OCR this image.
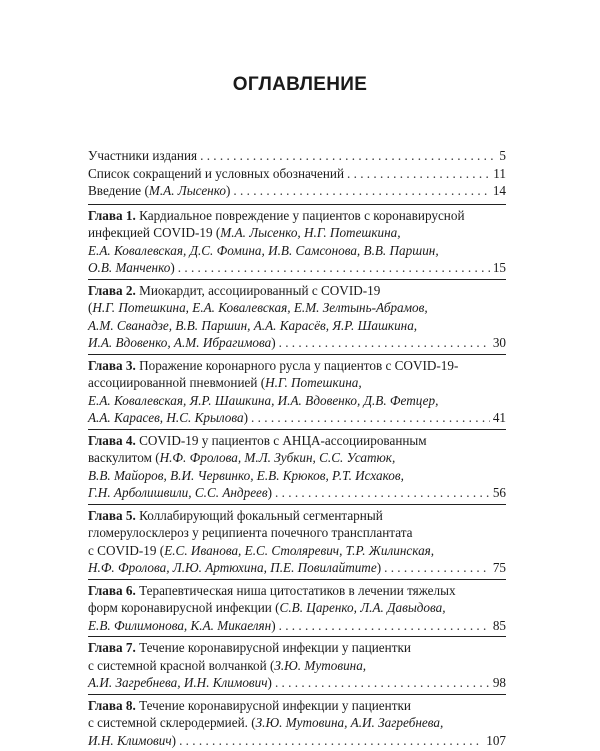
ОГЛАВЛЕНИЕ
Участники издания . . .	5
Список сокращений и условных обозначений . . .	11
Введение (М.А. Лысенко) . . .	14
Глава 1. Кардиальное повреждение у пациентов с коронавирусной
инфекцией COVID-19 (М.А. Лысенко, Н.Г. Потешкина,
Е.А. Ковалевская, Д.С. Фомина, И.В. Самсонова, В.В. Паршин,
О.В. Манченко) . . .	15
Глава 2. Миокардит, ассоциированный с COVID-19
(Н.Г. Потешкина, Е.А. Ковалевская, Е.М. Зелтынь-Абрамов,
А.М. Сванадзе, В.В. Паршин, А.А. Карасёв, Я.Р. Шашкина,
И.А. Вдовенко, А.М. Ибрагимова) . . .	30
Глава 3. Поражение коронарного русла у пациентов с COVID-19-
ассоциированной пневмонией (Н.Г. Потешкина,
Е.А. Ковалевская, Я.Р. Шашкина, И.А. Вдовенко, Д.В. Фетцер,
А.А. Карасев, Н.С. Крылова) . . .	41
Глава 4. COVID-19 у пациентов с АНЦА-ассоциированным
васкулитом (Н.Ф. Фролова, М.Л. Зубкин, С.С. Усатюк,
В.В. Майоров, В.И. Червинко, Е.В. Крюков, Р.Т. Исхаков,
Г.Н. Арболишвили, С.С. Андреев) . . .	56
Глава 5. Коллабирующий фокальный сегментарный
гломерулосклероз у реципиента почечного трансплантата
с COVID-19 (Е.С. Иванова, Е.С. Столяревич, Т.Р. Жилинская,
Н.Ф. Фролова, Л.Ю. Артюхина, П.Е. Повилайтите) . . .	75
Глава 6. Терапевтическая ниша цитостатиков в лечении тяжелых
форм коронавирусной инфекции (С.В. Царенко, Л.А. Давыдова,
Е.В. Филимонова, К.А. Микаелян) . . .	85
Глава 7. Течение коронавирусной инфекции у пациентки
с системной красной волчанкой (З.Ю. Мутовина,
А.И. Загребнева, И.Н. Климович) . . .	98
Глава 8. Течение коронавирусной инфекции у пациентки
с системной склеродермией. (З.Ю. Мутовина, А.И. Загребнева,
И.Н. Климович) . . .	107
